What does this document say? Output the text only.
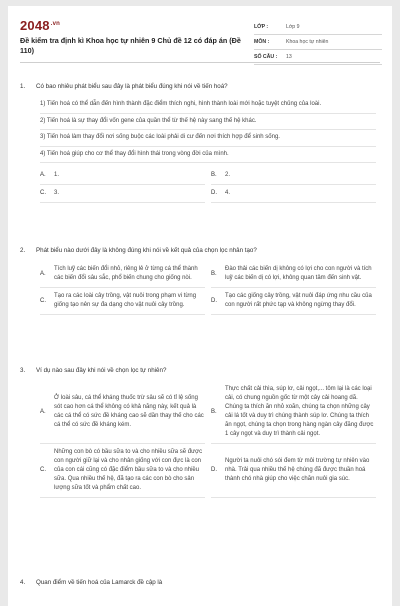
$2048^{.vn}$
Đề kiểm tra định kì Khoa học tự nhiên 9 Chủ đề 12 có đáp án (Đề 110)
LỚP :	Lớp 9
MÔN :	Khoa học tự nhiên
SỐ CÂU :	13
1.	Có bao nhiêu phát biểu sau đây là phát biểu đúng khi nói về tiến hoá?
1) Tiến hoá có thể dẫn đến hình thành đặc điểm thích nghi, hình thành loài mới hoặc tuyệt chủng của loài.
2) Tiến hoá là sự thay đổi vốn gene của quần thể từ thế hệ này sang thế hệ khác.
3) Tiến hoá làm thay đổi nơi sống buộc các loài phải di cư đến nơi thích hợp để sinh sống.
4) Tiến hoá giúp cho cơ thể thay đổi hình thái trong vòng đời của mình.
A.	1.	B.	2.
C.	3.	D.	4.
2.	Phát biểu nào dưới đây là không đúng khi nói về kết quả của chọn lọc nhân tạo?
A.
Tích luỹ các biến đổi nhỏ, riêng lẻ ở từng cá thể thành các biến đổi sâu sắc, phổ biến chung cho giống nòi.
B.
Đào thải các biến dị không có lợi cho con người và tích luỹ các biến dị có lợi, không quan tâm đến sinh vật.
C.
Tạo ra các loài cây trồng, vật nuôi trong phạm vi từng giống tạo nên sự đa dạng cho vật nuôi cây trồng.
D.
Tạo các giống cây trồng, vật nuôi đáp ứng nhu cầu của con người rất phức tạp và không ngừng thay đổi.
3.	Ví dụ nào sau đây khi nói về chọn lọc tự nhiên?
A.
Ở loài sâu, cá thể kháng thuốc trừ sâu sẽ có tỉ lệ sống sót cao hơn cá thể không có khả năng này, kết quả là các cá thể có sức đề kháng cao sẽ dần thay thế cho các cá thể có sức đề kháng kém.
B.
Thực chất cải thìa, súp lơ, cải ngọt,... tôm lại là các loại cải, có chung nguồn gốc từ một cây cải hoang dã. Chúng ta thích ăn nhỏ xoăn, chúng ta chọn những cây cải lá tốt và duy trì chúng thành súp lơ. Chúng ta thích ăn ngọt, chúng ta chọn trong hàng ngàn cây đăng được 1 cây ngọt và duy trì thành cải ngọt.
C.
Những con bò có bầu sữa to và cho nhiều sữa sẽ được con người giữ lại và cho nhân giống với con đực là con của con cái cũng có đặc điểm bầu sữa to và cho nhiều sữa. Qua nhiều thế hệ, đã tạo ra các con bò cho sản lượng sữa tốt và phẩm chất cao.
D.
Người ta nuôi chó sói đem từ môi trường tự nhiên vào nhà. Trải qua nhiều thế hệ chúng đã được thuần hoá thành chó nhà giúp cho việc chăn nuôi gia súc.
4.	Quan điểm về tiến hoá của Lamarck đề cập là
